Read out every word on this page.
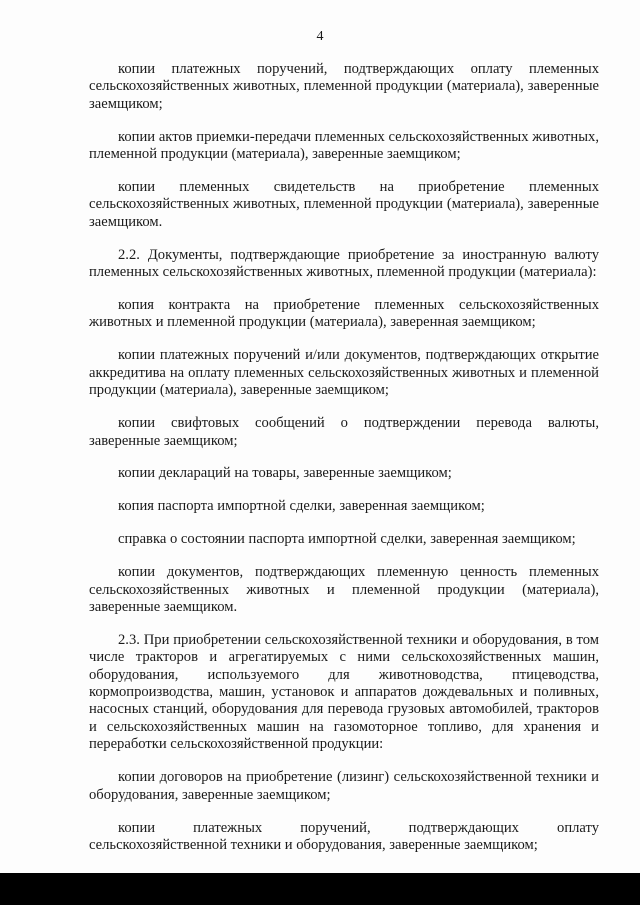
4

копии платежных поручений, подтверждающих оплату племенных сельскохозяйственных животных, племенной продукции (материала), заверенные заемщиком;

копии актов приемки-передачи племенных сельскохозяйственных животных, племенной продукции (материала), заверенные заемщиком;

копии племенных свидетельств на приобретение племенных сельскохозяйственных животных, племенной продукции (материала), заверенные заемщиком.

2.2. Документы, подтверждающие приобретение за иностранную валюту племенных сельскохозяйственных животных, племенной продукции (материала):

копия контракта на приобретение племенных сельскохозяйственных животных и племенной продукции (материала), заверенная заемщиком;

копии платежных поручений и/или документов, подтверждающих открытие аккредитива на оплату племенных сельскохозяйственных животных и племенной продукции (материала), заверенные заемщиком;

копии свифтовых сообщений о подтверждении перевода валюты, заверенные заемщиком;

копии деклараций на товары, заверенные заемщиком;

копия паспорта импортной сделки, заверенная заемщиком;

справка о состоянии паспорта импортной сделки, заверенная заемщиком;

копии документов, подтверждающих племенную ценность племенных сельскохозяйственных животных и племенной продукции (материала), заверенные заемщиком.

2.3. При приобретении сельскохозяйственной техники и оборудования, в том числе тракторов и агрегатируемых с ними сельскохозяйственных машин, оборудования, используемого для животноводства, птицеводства, кормопроизводства, машин, установок и аппаратов дождевальных и поливных, насосных станций, оборудования для перевода грузовых автомобилей, тракторов и сельскохозяйственных машин на газомоторное топливо, для хранения и переработки сельскохозяйственной продукции:

копии договоров на приобретение (лизинг) сельскохозяйственной техники и оборудования, заверенные заемщиком;

копии платежных поручений, подтверждающих оплату сельскохозяйственной техники и оборудования, заверенные заемщиком;
